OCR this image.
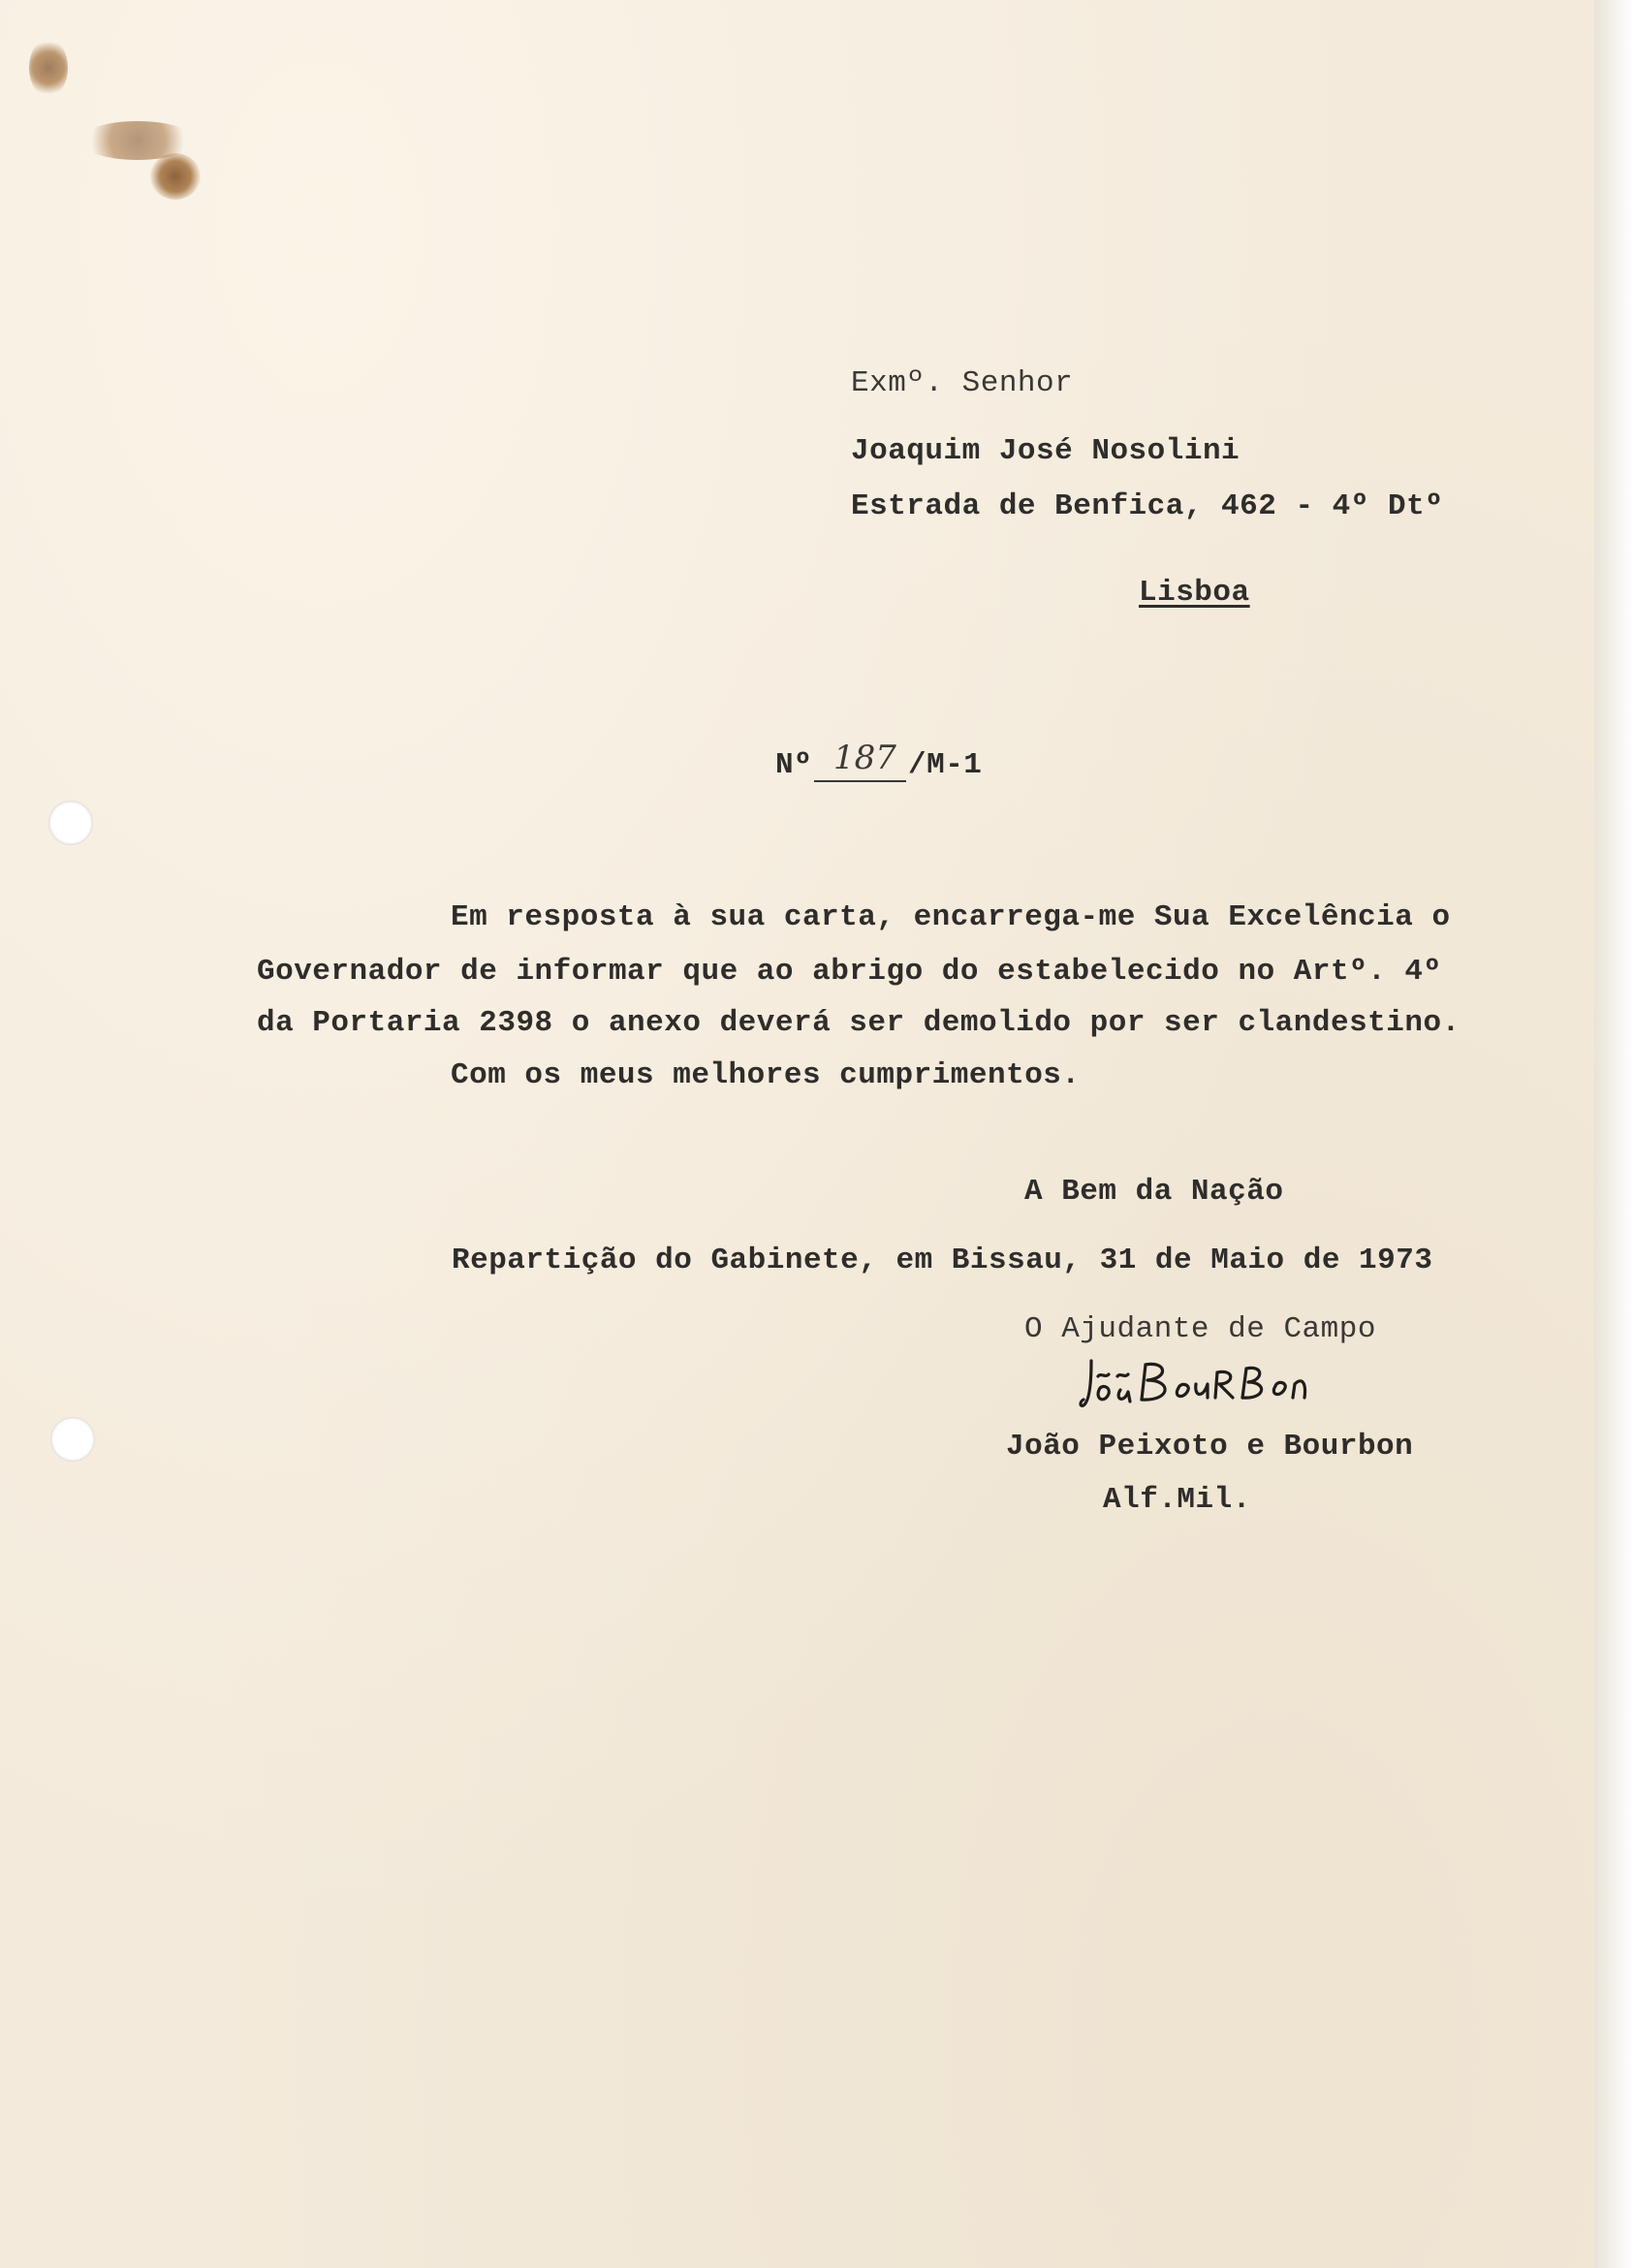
Exmº. Senhor
Joaquim José Nosolini
Estrada de Benfica, 462 - 4º Dtº
Lisboa
Nº 187 /M-1
Em resposta à sua carta, encarrega-me Sua Excelência o
Governador de informar que ao abrigo do estabelecido no Artº. 4º
da Portaria 2398 o anexo deverá ser demolido por ser clandestino.
Com os meus melhores cumprimentos.
A Bem da Nação
Repartição do Gabinete, em Bissau, 31 de Maio de 1973
O Ajudante de Campo
João Peixoto e Bourbon
Alf.Mil.
